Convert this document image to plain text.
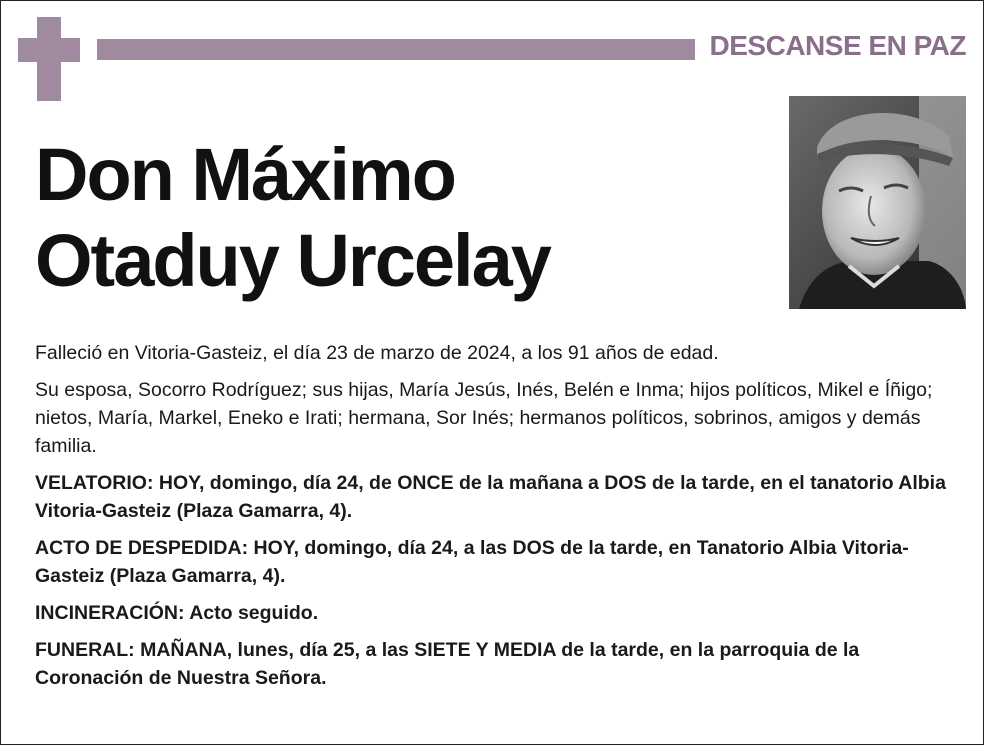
DESCANSE EN PAZ
Don Máximo
Otaduy Urcelay

Falleció en Vitoria-Gasteiz, el día 23 de marzo de 2024, a los 91 años de edad.

Su esposa, Socorro Rodríguez; sus hijas, María Jesús, Inés, Belén e Inma; hijos políticos, Mikel e Íñigo; nietos, María, Markel, Eneko e Irati; hermana, Sor Inés; hermanos políticos, sobrinos, amigos y demás familia.

VELATORIO: HOY, domingo, día 24, de ONCE de la mañana a DOS de la tarde, en el tanatorio Albia Vitoria-Gasteiz (Plaza Gamarra, 4).

ACTO DE DESPEDIDA: HOY, domingo, día 24, a las DOS de la tarde, en Tanatorio Albia Vitoria-Gasteiz (Plaza Gamarra, 4).

INCINERACIÓN: Acto seguido.

FUNERAL: MAÑANA, lunes, día 25, a las SIETE Y MEDIA de la tarde, en la parroquia de la Coronación de Nuestra Señora.
